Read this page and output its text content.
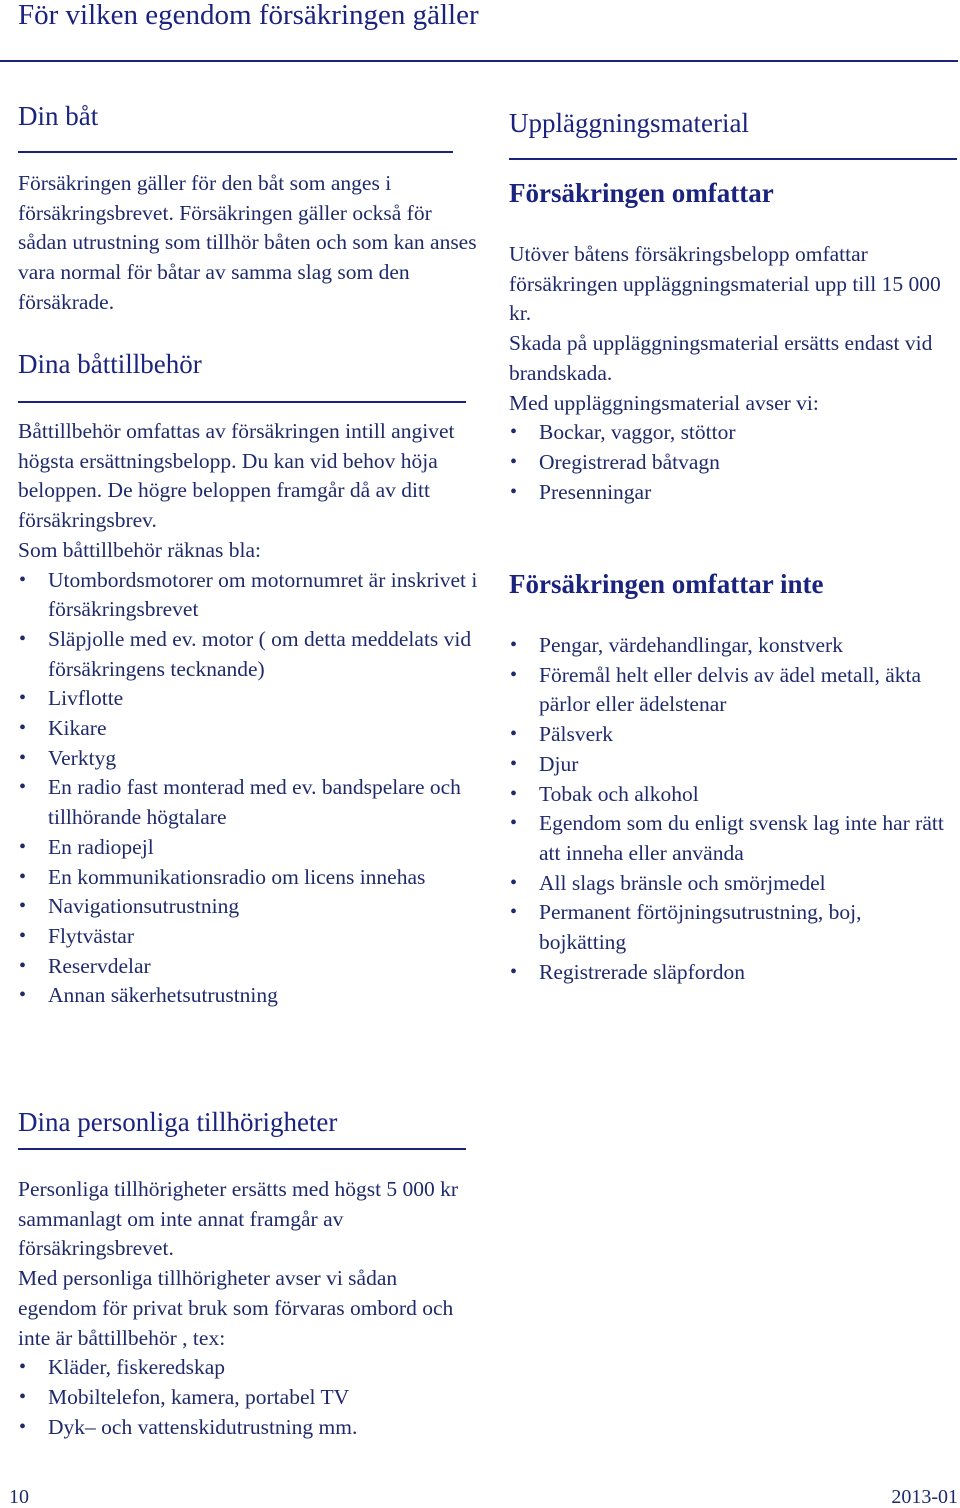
För vilken egendom försäkringen gäller
Din båt
Försäkringen gäller för den båt som anges i försäkringsbrevet. Försäkringen gäller också för sådan utrustning som tillhör båten och som kan anses vara normal för båtar av samma slag som den försäkrade.
Dina båttillbehör

Båttillbehör omfattas av försäkringen intill angivet högsta ersättningsbelopp. Du kan vid behov höja beloppen. De högre beloppen framgår då av ditt försäkringsbrev.

Som båttillbehör räknas bla:

• Utombordsmotorer om motornumret är inskrivet i försäkringsbrevet
• Släpjolle med ev. motor ( om detta meddelats vid försäkringens tecknande)
• Livflotte
• Kikare
• Verktyg
• En radio fast monterad med ev. bandspelare och tillhörande högtalare
• En radiopejl
• En kommunikationsradio om licens innehas
• Navigationsutrustning
• Flytvästar
• Reservdelar
• Annan säkerhetsutrustning
Dina personliga tillhörigheter

Personliga tillhörigheter ersätts med högst 5 000 kr sammanlagt om inte annat framgår av försäkringsbrevet.

Med personliga tillhörigheter avser vi sådan egendom för privat bruk som förvaras ombord och inte är båttillbehör , tex:

• Kläder, fiskeredskap
• Mobiltelefon, kamera, portabel TV
• Dyk– och vattenskidutrustning mm.
Uppläggningsmaterial
Försäkringen omfattar

Utöver båtens försäkringsbelopp omfattar försäkringen uppläggningsmaterial upp till 15 000 kr.

Skada på uppläggningsmaterial ersätts endast vid brandskada.

Med uppläggningsmaterial avser vi:

• Bockar, vaggor, stöttor
• Oregistrerad båtvagn
• Presenningar
Försäkringen omfattar inte
• Pengar, värdehandlingar, konstverk
• Föremål helt eller delvis av ädel metall, äkta pärlor eller ädelstenar
• Pälsverk
• Djur
• Tobak och alkohol
• Egendom som du enligt svensk lag inte har rätt att inneha eller använda
• All slags bränsle och smörjmedel
• Permanent förtöjningsutrustning, boj, bojkätting
• Registrerade släpfordon
10	2013-01
